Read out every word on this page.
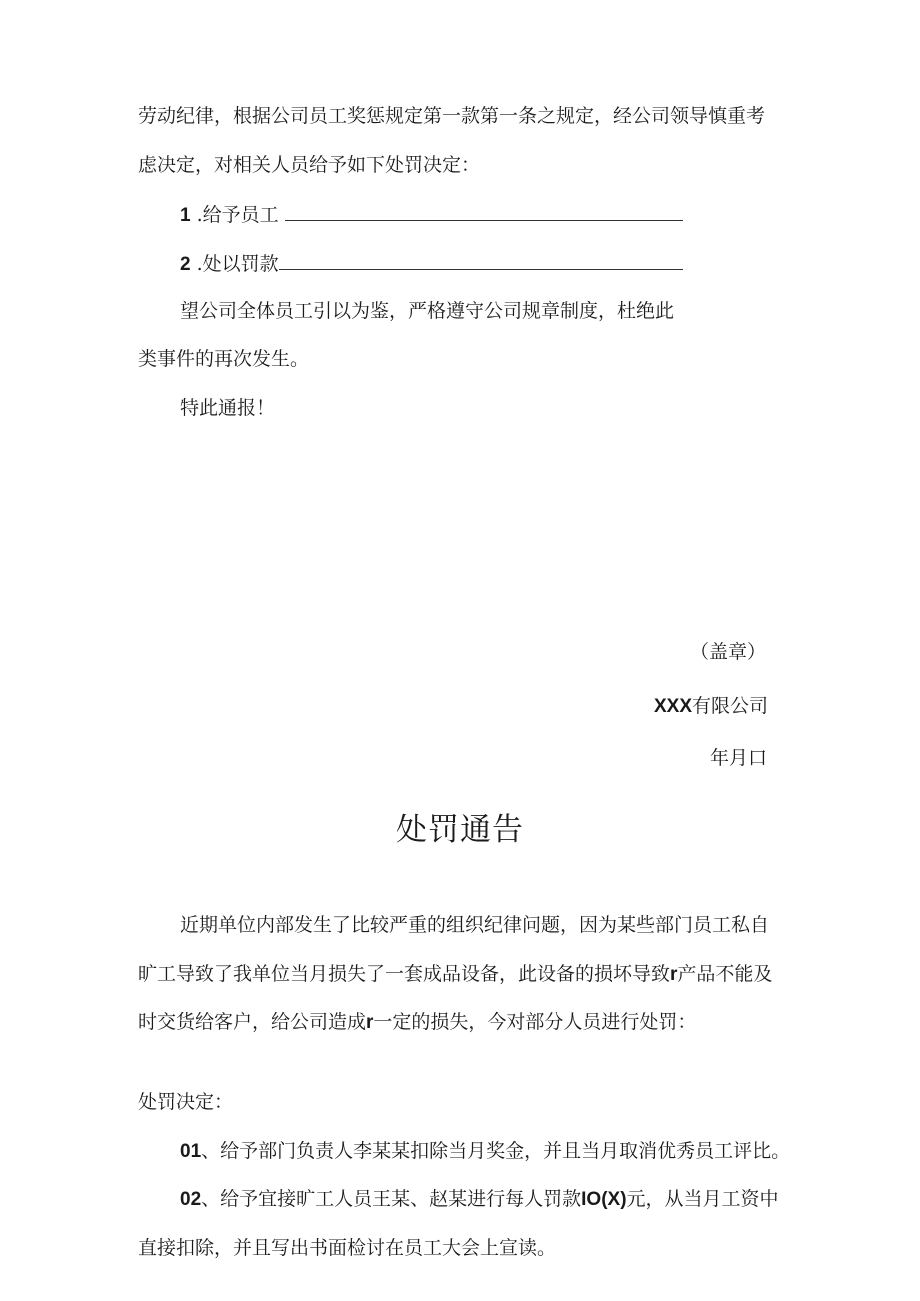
劳动纪律，根据公司员工奖惩规定第一款第一条之规定，经公司领导慎重考
虑决定，对相关人员给予如下处罚决定：
1 .给予员工
2 .处以罚款
望公司全体员工引以为鉴，严格遵守公司规章制度，杜绝此
类事件的再次发生。
特此通报！
（盖章）
XXX有限公司
年月口
处罚通告
近期单位内部发生了比较严重的组织纪律问题，因为某些部门员工私自
旷工导致了我单位当月损失了一套成品设备，此设备的损坏导致r产品不能及
时交货给客户，给公司造成r一定的损失，今对部分人员进行处罚：
处罚决定：
01、给予部门负责人李某某扣除当月奖金，并且当月取消优秀员工评比。
02、给予宜接旷工人员王某、赵某进行每人罚款IO(X)元，从当月工资中
直接扣除，并且写出书面检讨在员工大会上宣读。
